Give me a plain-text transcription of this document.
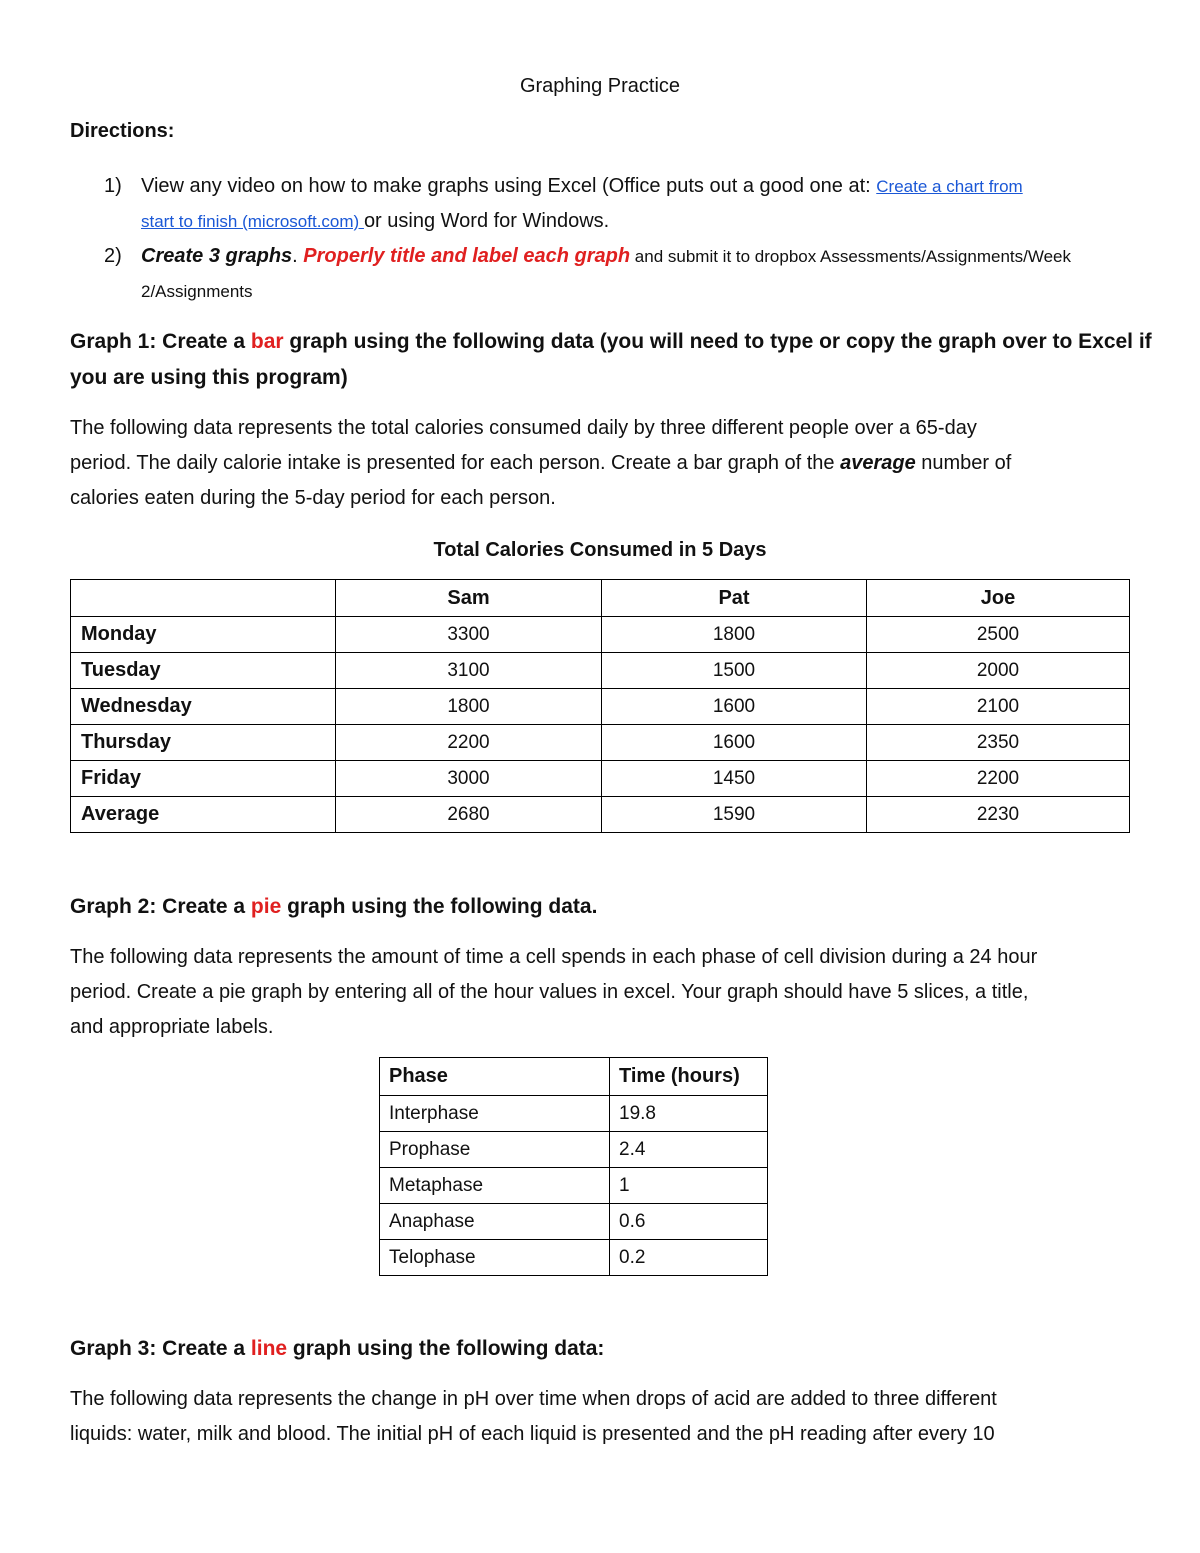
Graphing Practice
Directions:
1) View any video on how to make graphs using Excel (Office puts out a good one at: Create a chart from
start to finish (microsoft.com) or using Word for Windows.
2) Create 3 graphs. Properly title and label each graph and submit it to dropbox Assessments/Assignments/Week
2/Assignments
Graph 1: Create a bar graph using the following data (you will need to type or copy the graph over to Excel if
you are using this program)
The following data represents the total calories consumed daily by three different people over a 65-day
period. The daily calorie intake is presented for each person. Create a bar graph of the average number of
calories eaten during the 5-day period for each person.
Total Calories Consumed in 5 Days
	Sam	Pat	Joe
Monday	3300	1800	2500
Tuesday	3100	1500	2000
Wednesday	1800	1600	2100
Thursday	2200	1600	2350
Friday	3000	1450	2200
Average	2680	1590	2230
Graph 2: Create a pie graph using the following data.
The following data represents the amount of time a cell spends in each phase of cell division during a 24 hour
period. Create a pie graph by entering all of the hour values in excel. Your graph should have 5 slices, a title,
and appropriate labels.
Phase	Time (hours)
Interphase	19.8
Prophase	2.4
Metaphase	1
Anaphase	0.6
Telophase	0.2
Graph 3: Create a line graph using the following data:
The following data represents the change in pH over time when drops of acid are added to three different
liquids: water, milk and blood. The initial pH of each liquid is presented and the pH reading after every 10
